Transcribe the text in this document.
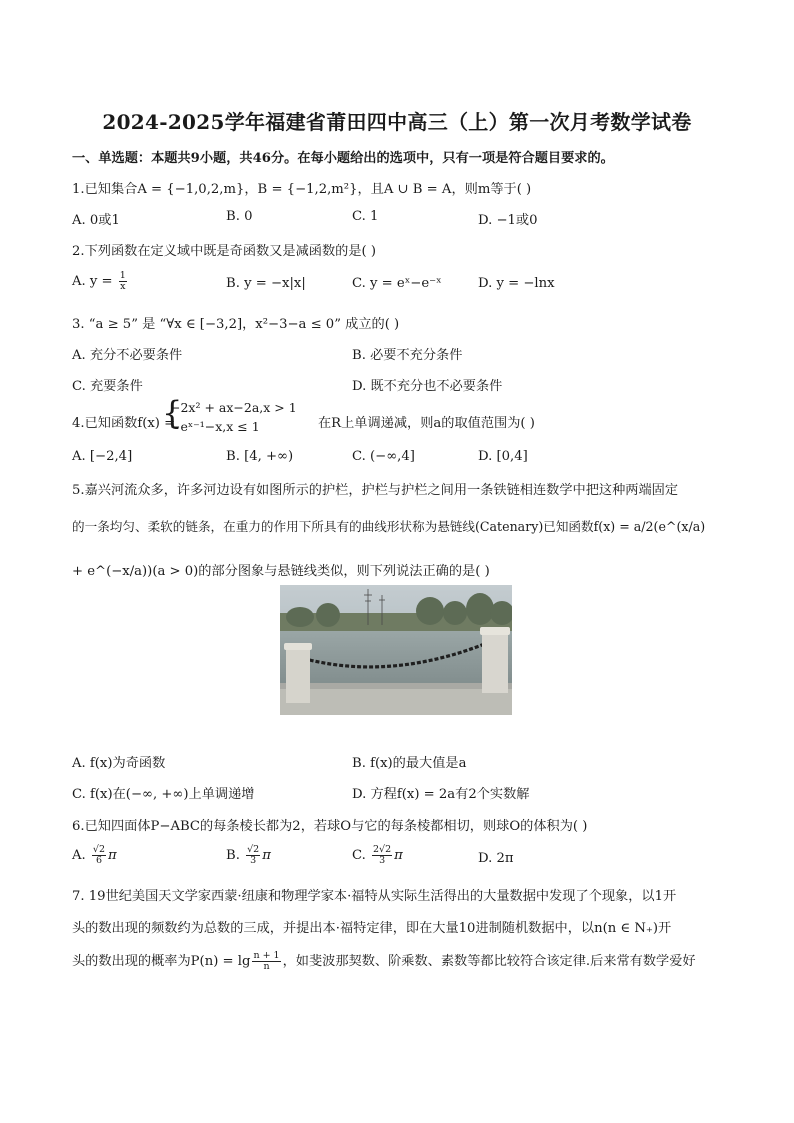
2024-2025学年福建省莆田四中高三（上）第一次月考数学试卷
一、单选题：本题共9小题，共46分。在每小题给出的选项中，只有一项是符合题目要求的。
1.已知集合A = {−1,0,2,m}，B = {−1,2,m²}，且A ∪ B = A，则m等于( )
A. 0或1	B. 0	C. 1	D. −1或0
2.下列函数在定义域中既是奇函数又是减函数的是( )
A. $y = \frac{1}{x}$	B. y = −x|x|	C. y = eˣ−e⁻ˣ	D. y = −lnx
3. “a ≥ 5” 是 “∀x ∈ [−3,2]，x²−3−a ≤ 0” 成立的( )
A. 充分不必要条件	B. 必要不充分条件
C. 充要条件	D. 既不充分也不必要条件
4.已知函数f(x) =
{
−2x² + ax−2a,x > 1
−eˣ⁻¹−x,x ≤ 1	在R上单调递减，则a的取值范围为( )
A. [−2,4]	B. [4, +∞)	C. (−∞,4]	D. [0,4]
5.嘉兴河流众多，许多河边设有如图所示的护栏，护栏与护栏之间用一条铁链相连数学中把这种两端固定
的一条均匀、柔软的链条，在重力的作用下所具有的曲线形状称为悬链线(Catenary)已知函数f(x) = a/2(e^(x/a)
+ e^(−x/a))(a > 0)的部分图象与悬链线类似，则下列说法正确的是( )
A. f(x)为奇函数	B. f(x)的最大值是a
C. f(x)在(−∞, +∞)上单调递增	D. 方程f(x) = 2a有2个实数解
6.已知四面体P−ABC的每条棱长都为2，若球O与它的每条棱都相切，则球O的体积为( )
A. $\frac{√2}{6}$ π	B. $\frac{√2}{3}$ π	C. $\frac{2√2}{3}$ π	D. 2π
7. 19世纪美国天文学家西蒙·纽康和物理学家本·福特从实际生活得出的大量数据中发现了个现象，以1开
头的数出现的频数约为总数的三成，并提出本·福特定律，即在大量10进制随机数据中，以n(n ∈ N₊)开
头的数出现的概率为$P(n) = \lg \frac{n + 1}{n}$ ，如斐波那契数、阶乘数、素数等都比较符合该定律.后来常有数学爱好
